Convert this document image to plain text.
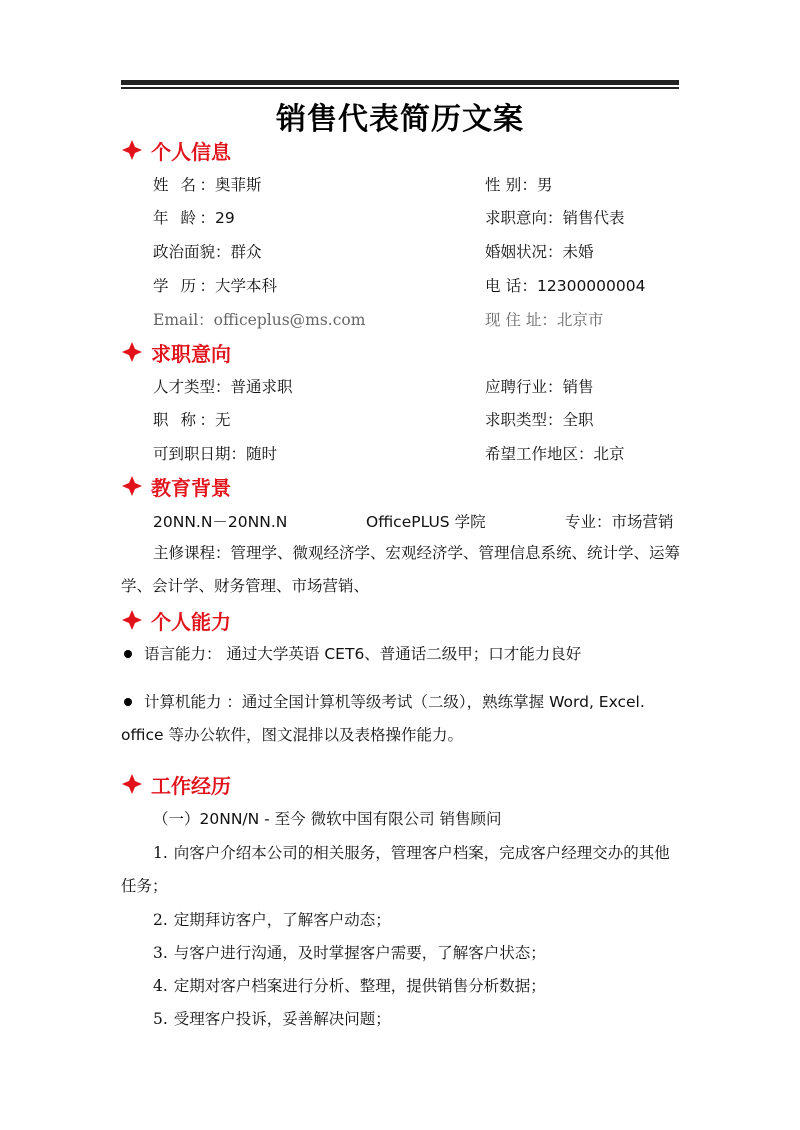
销售代表简历文案
个人信息
姓 名：奥菲斯	性 别：男
年 龄：29	求职意向：销售代表
政治面貌：群众	婚姻状况：未婚
学 历：大学本科	电 话：12300000004
Email：officeplus@ms.com	现 住 址：北京市
求职意向
人才类型：普通求职	应聘行业：销售
职 称：无	求职类型：全职
可到职日期：随时	希望工作地区：北京
教育背景
20NN.N－20NN.N	OfficePLUS 学院	专业：市场营销
主修课程：管理学、微观经济学、宏观经济学、管理信息系统、统计学、运筹学、会计学、财务管理、市场营销、
个人能力
语言能力： 通过大学英语 CET6、普通话二级甲；口才能力良好
计算机能力 ：通过全国计算机等级考试（二级），熟练掌握 Word, Excel. office 等办公软件，图文混排以及表格操作能力。
工作经历
（一）20NN/N - 至今 微软中国有限公司 销售顾问
1. 向客户介绍本公司的相关服务，管理客户档案，完成客户经理交办的其他任务；
2. 定期拜访客户，了解客户动态；
3. 与客户进行沟通，及时掌握客户需要，了解客户状态；
4. 定期对客户档案进行分析、整理，提供销售分析数据；
5. 受理客户投诉，妥善解决问题；
